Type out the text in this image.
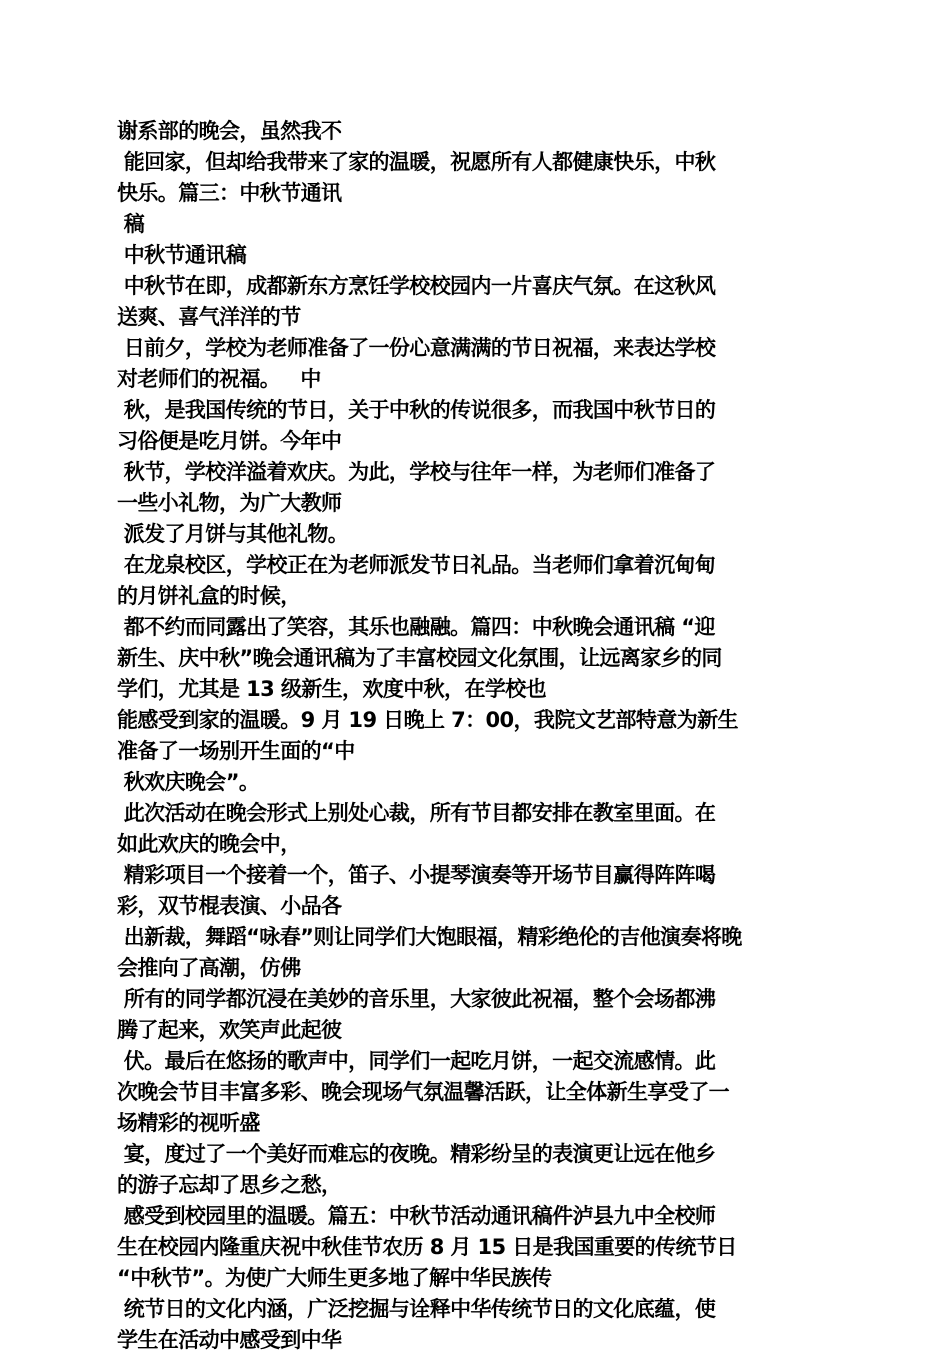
谢系部的晚会，虽然我不
能回家，但却给我带来了家的温暖，祝愿所有人都健康快乐，中秋
快乐。篇三：中秋节通讯
稿
中秋节通讯稿
中秋节在即，成都新东方烹饪学校校园内一片喜庆气氛。在这秋风
送爽、喜气洋洋的节
日前夕，学校为老师准备了一份心意满满的节日祝福，来表达学校
对老师们的祝福。   中
秋，是我国传统的节日，关于中秋的传说很多，而我国中秋节日的
习俗便是吃月饼。今年中
秋节，学校洋溢着欢庆。为此，学校与往年一样，为老师们准备了
一些小礼物，为广大教师
派发了月饼与其他礼物。
在龙泉校区，学校正在为老师派发节日礼品。当老师们拿着沉甸甸
的月饼礼盒的时候，
都不约而同露出了笑容，其乐也融融。篇四：中秋晚会通讯稿 “迎
新生、庆中秋”晚会通讯稿为了丰富校园文化氛围，让远离家乡的同
学们，尤其是 13 级新生，欢度中秋，在学校也
能感受到家的温暖。9 月 19 日晚上 7：00，我院文艺部特意为新生
准备了一场别开生面的“中
秋欢庆晚会”。
此次活动在晚会形式上别处心裁，所有节目都安排在教室里面。在
如此欢庆的晚会中，
精彩项目一个接着一个，笛子、小提琴演奏等开场节目赢得阵阵喝
彩，双节棍表演、小品各
出新裁，舞蹈“咏春”则让同学们大饱眼福，精彩绝伦的吉他演奏将晚
会推向了高潮，仿佛
所有的同学都沉浸在美妙的音乐里，大家彼此祝福，整个会场都沸
腾了起来，欢笑声此起彼
伏。最后在悠扬的歌声中，同学们一起吃月饼，一起交流感情。此
次晚会节目丰富多彩、晚会现场气氛温馨活跃，让全体新生享受了一
场精彩的视听盛
宴，度过了一个美好而难忘的夜晚。精彩纷呈的表演更让远在他乡
的游子忘却了思乡之愁，
感受到校园里的温暖。篇五：中秋节活动通讯稿件泸县九中全校师
生在校园内隆重庆祝中秋佳节农历 8 月 15 日是我国重要的传统节日
“中秋节”。为使广大师生更多地了解中华民族传
统节日的文化内涵，广泛挖掘与诠释中华传统节日的文化底蕴，使
学生在活动中感受到中华
